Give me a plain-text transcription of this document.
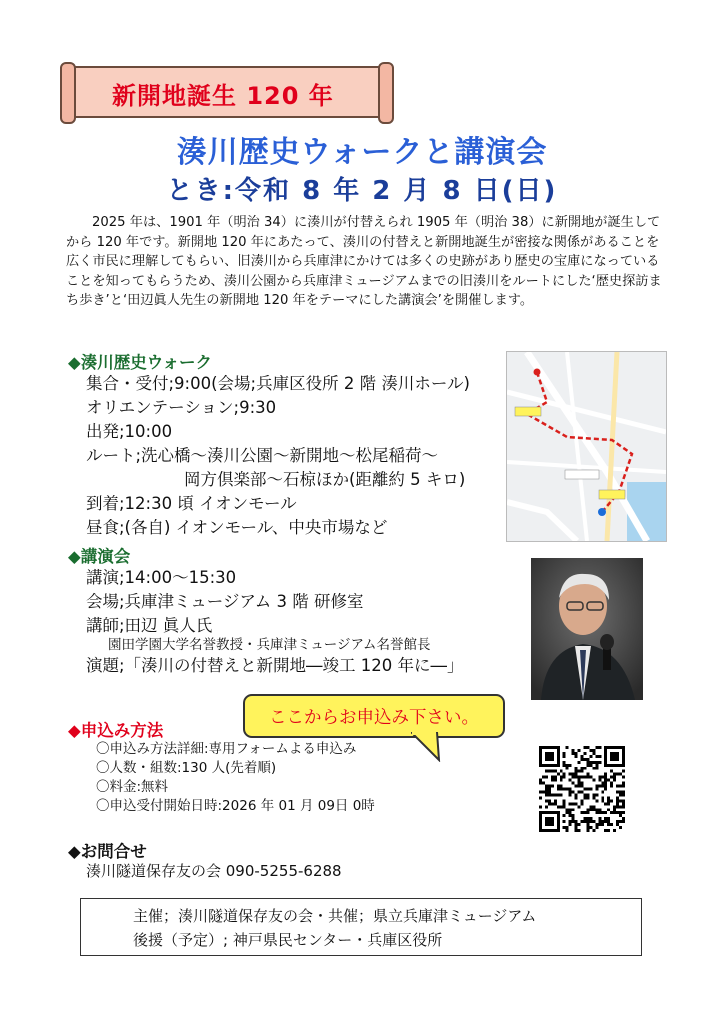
新開地誕生 120 年
湊川歴史ウォークと講演会
とき:令和 8 年 2 月 8 日(日)
2025 年は、1901 年（明治 34）に湊川が付替えられ 1905 年（明治 38）に新開地が誕生してから 120 年です。新開地 120 年にあたって、湊川の付替えと新開地誕生が密接な関係があることを広く市民に理解してもらい、旧湊川から兵庫津にかけては多くの史跡があり歴史の宝庫になっていることを知ってもらうため、湊川公園から兵庫津ミュージアムまでの旧湊川をルートにした‘歴史探訪まち歩き’と‘田辺眞人先生の新開地 120 年をテーマにした講演会’を開催します。
◆湊川歴史ウォーク
集合・受付;9:00(会場;兵庫区役所 2 階 湊川ホール)
オリエンテーション;9:30
出発;10:00
ルート;洗心橋～湊川公園～新開地～松尾稲荷～
岡方倶楽部～石椋ほか(距離約 5 キロ)
到着;12:30 頃 イオンモール
昼食;(各自) イオンモール、中央市場など
◆講演会
講演;14:00～15:30
会場;兵庫津ミュージアム 3 階 研修室
講師;田辺 眞人氏
園田学園大学名誉教授・兵庫津ミュージアム名誉館長
演題;「湊川の付替えと新開地―竣工 120 年に―」
ここからお申込み下さい。
◆申込み方法
〇申込み方法詳細:専用フォームよる申込み
〇人数・組数:130 人(先着順)
〇料金:無料
〇申込受付開始日時:2026 年 01 月 09日 0時
◆お問合せ
湊川隧道保存友の会 090-5255-6288
主催；湊川隧道保存友の会・共催；県立兵庫津ミュージアム
後援（予定）; 神戸県民センター・兵庫区役所
